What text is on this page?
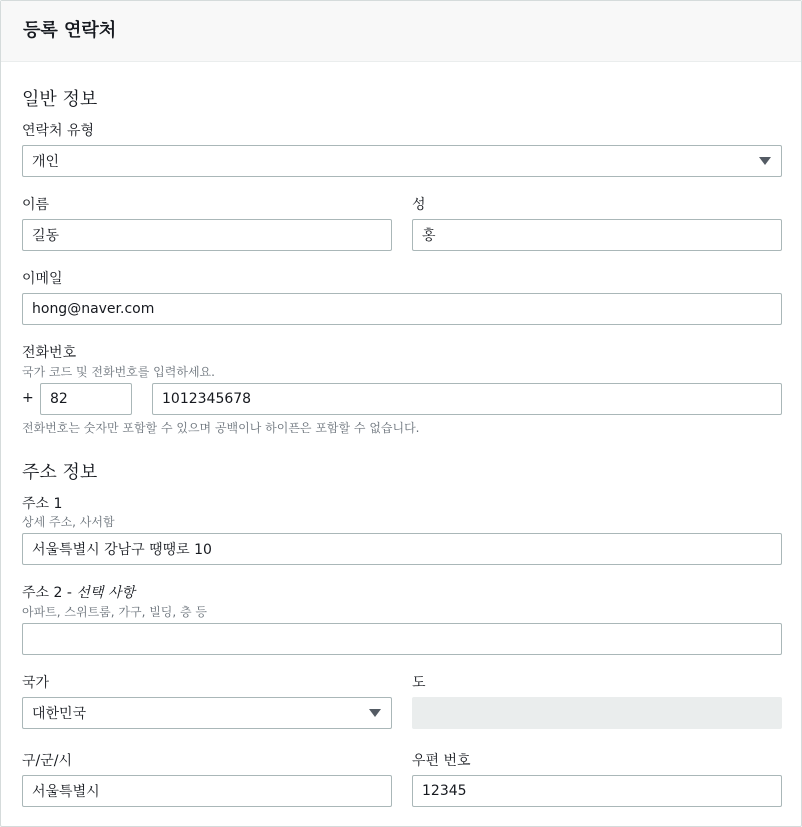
등록 연락처
일반 정보
연락처 유형
개인
이름
길동
성
홍
이메일
hong@naver.com
전화번호
국가 코드 및 전화번호를 입력하세요.
+ 82	1012345678
전화번호는 숫자만 포함할 수 있으며 공백이나 하이픈은 포함할 수 없습니다.
주소 정보
주소 1
상세 주소, 사서함
서울특별시 강남구 땡땡로 10
주소 2 - 선택 사항
아파트, 스위트룸, 가구, 빌딩, 층 등
국가
대한민국
도
구/군/시
서울특별시
우편 번호
12345
